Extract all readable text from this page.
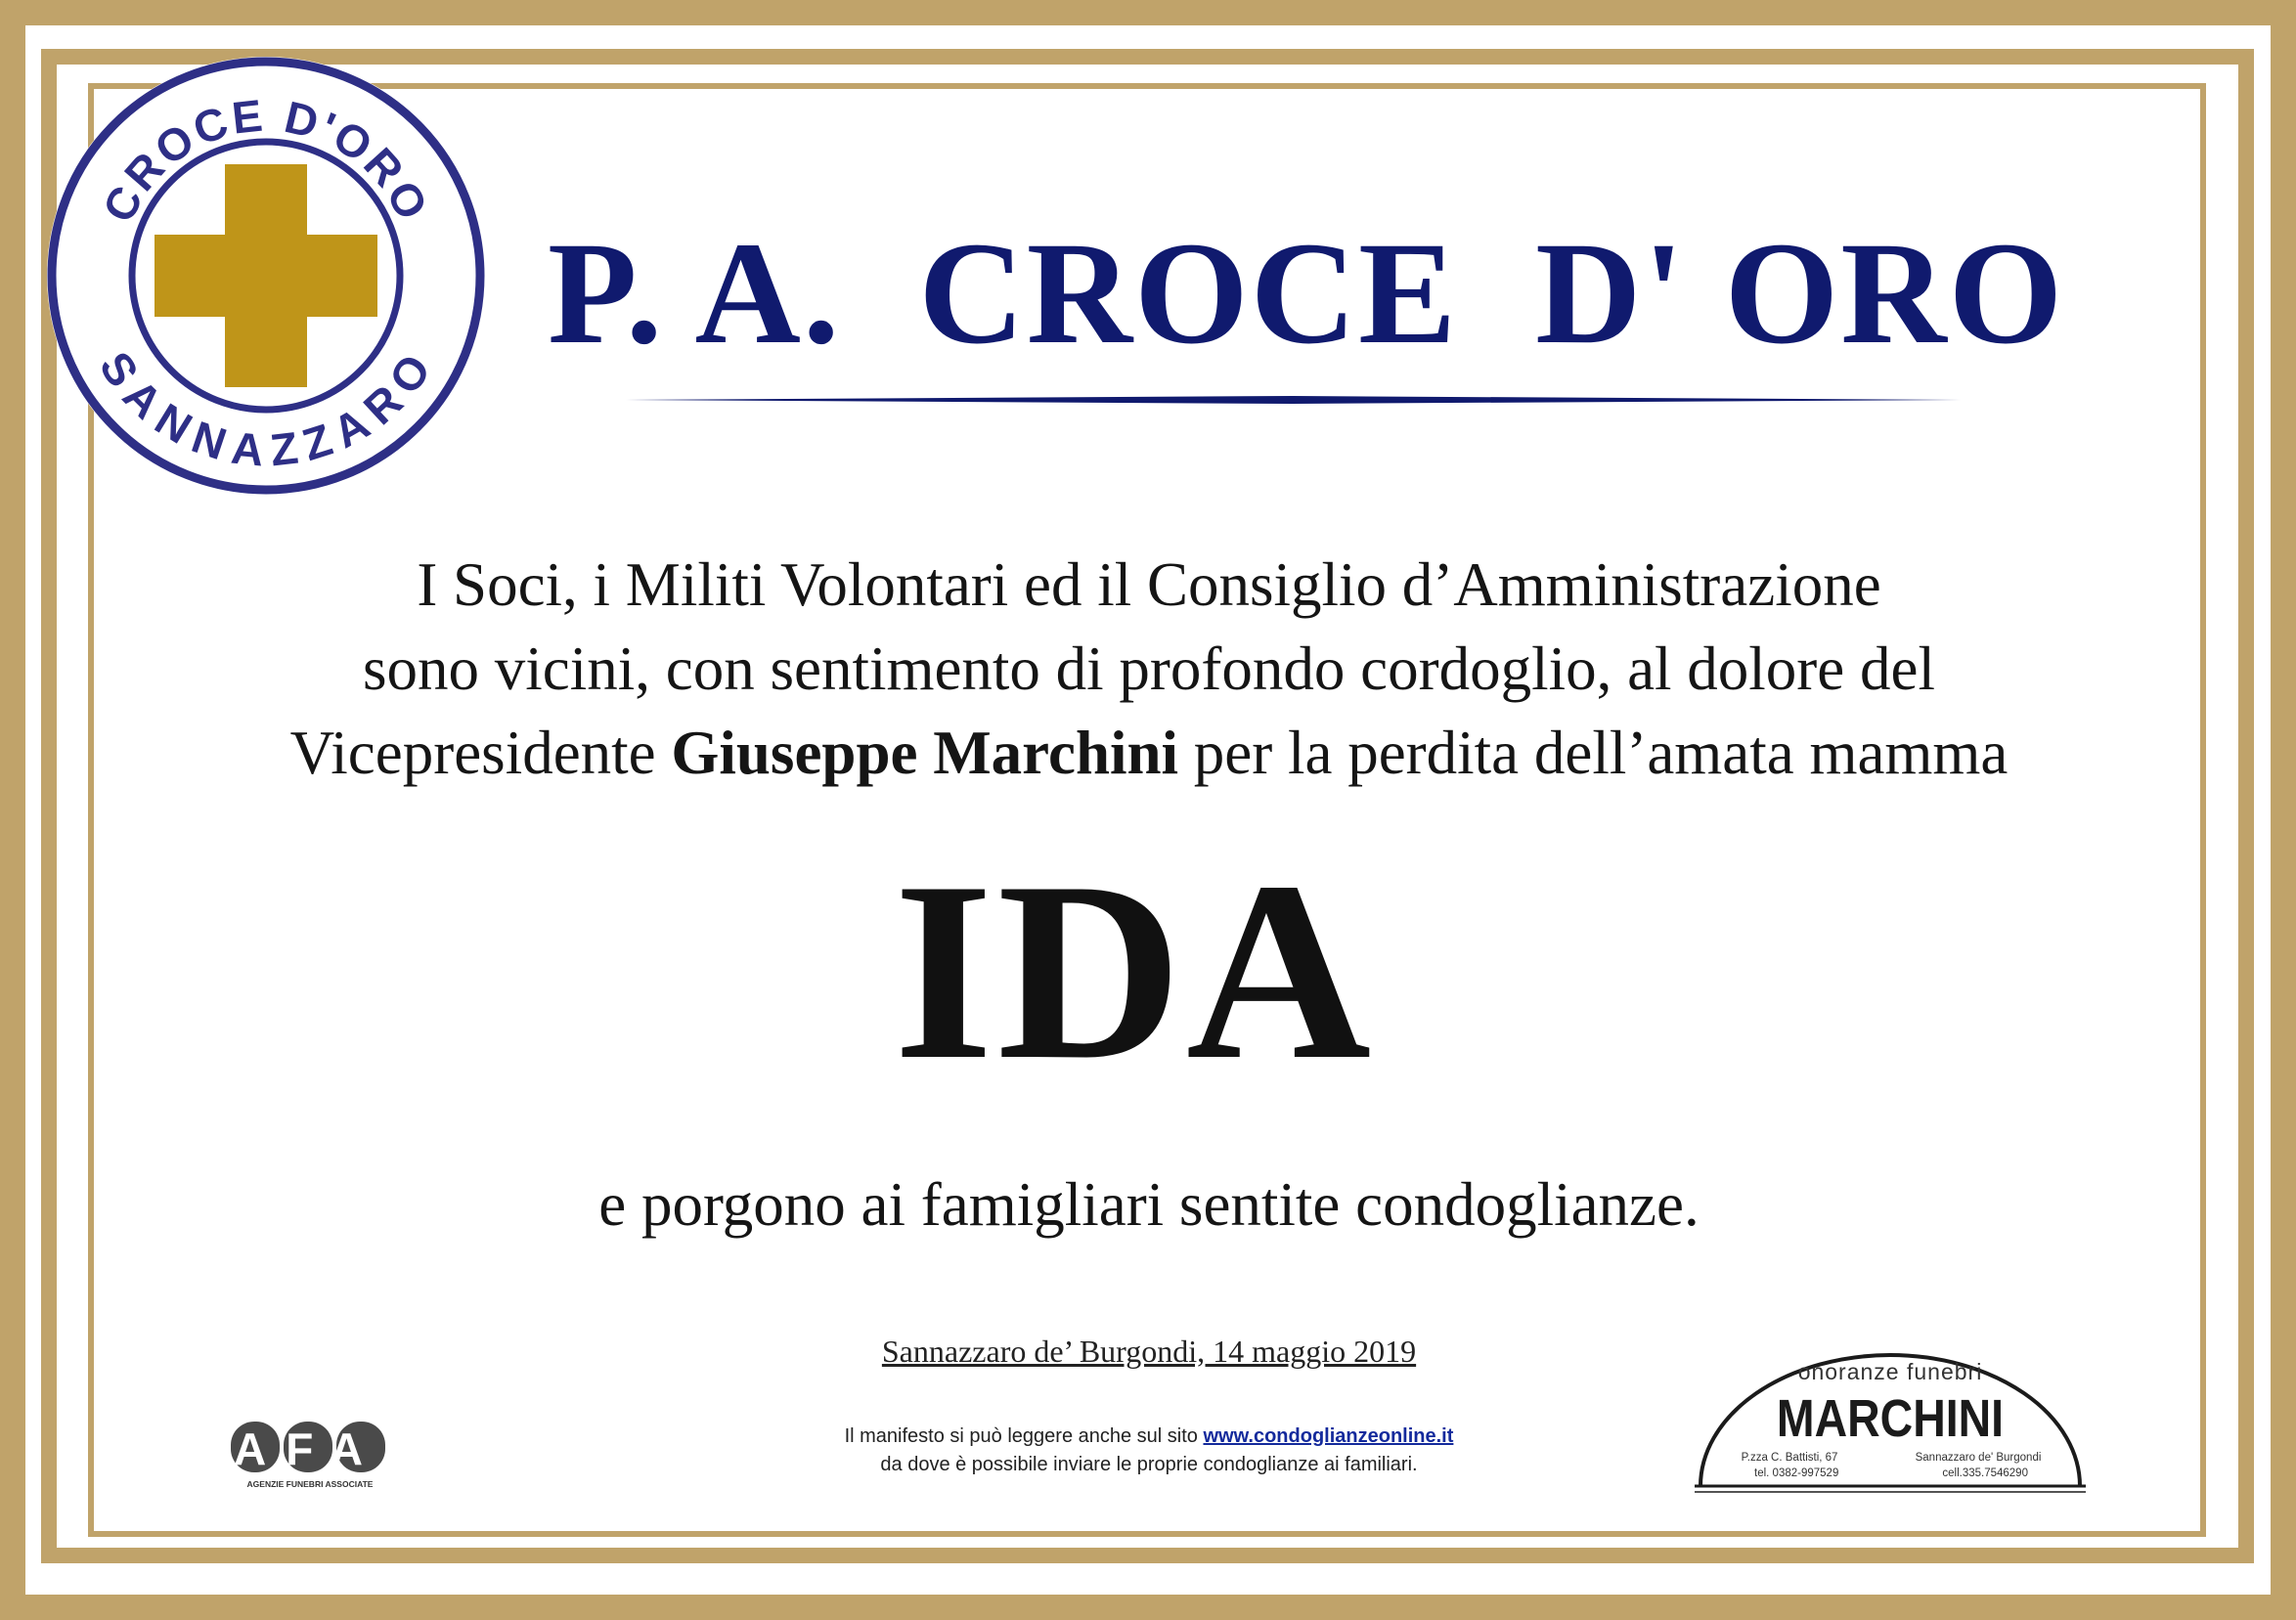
CROCE D'ORO
SANNAZZARO P. A.  CROCE  D' ORO

I Soci, i Militi Volontari ed il Consiglio d’Amministrazione
sono vicini, con sentimento di profondo cordoglio, al dolore del
Vicepresidente Giuseppe Marchini per la perdita dell’amata mamma

IDA

e porgono ai famigliari sentite condoglianze.

Sannazzaro de’ Burgondi, 14 maggio 2019

Il manifesto si può leggere anche sul sito www.condoglianzeonline.it
da dove è possibile inviare le proprie condoglianze ai familiari.

AFA
AGENZIE FUNEBRI ASSOCIATE

onoranze funebri

MARCHINI

P.zza C. Battisti, 67	Sannazzaro de' Burgondi

tel. 0382-997529	cell.335.7546290
